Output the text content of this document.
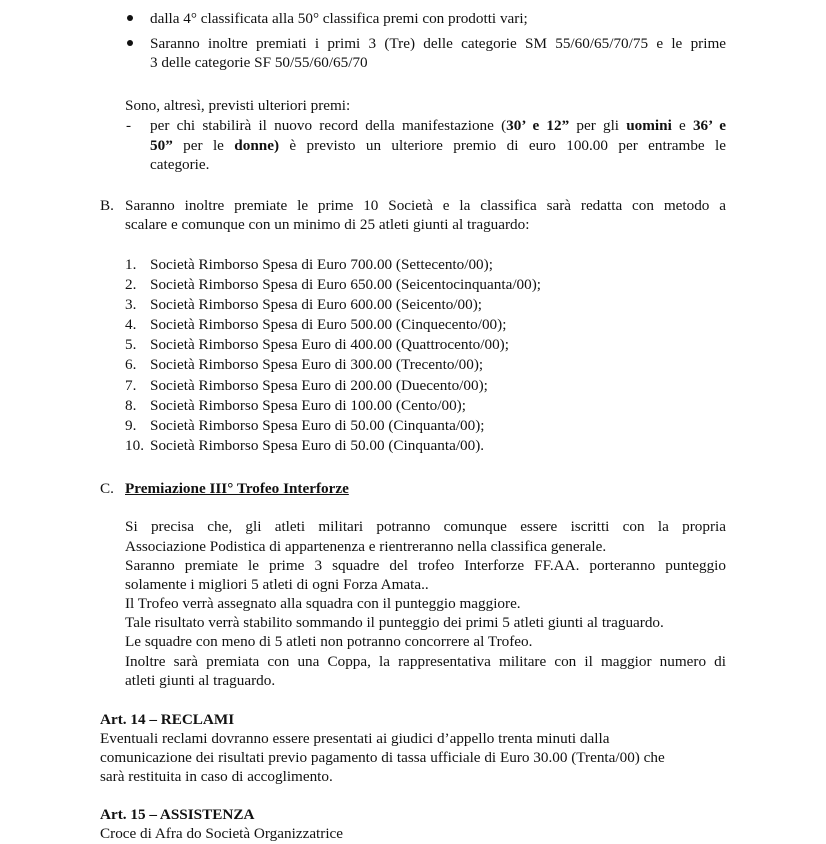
dalla 4° classificata alla 50° classifica premi con prodotti vari;
Saranno inoltre premiati i primi 3 (Tre) delle categorie SM 55/60/65/70/75 e le prime
3 delle categorie SF 50/55/60/65/70
Sono, altresì, previsti ulteriori premi:
- per chi stabilirà il nuovo record della manifestazione (30’ e 12” per gli uomini e 36’ e
50” per le donne) è previsto un ulteriore premio di euro 100.00 per entrambe le
categorie.
B. Saranno inoltre premiate le prime 10 Società e la classifica sarà redatta con metodo a
scalare e comunque con un minimo di 25 atleti giunti al traguardo:
1. Società Rimborso Spesa di Euro 700.00 (Settecento/00);
2. Società Rimborso Spesa di Euro 650.00 (Seicentocinquanta/00);
3. Società Rimborso Spesa di Euro 600.00 (Seicento/00);
4. Società Rimborso Spesa di Euro 500.00 (Cinquecento/00);
5. Società Rimborso Spesa Euro di 400.00 (Quattrocento/00);
6. Società Rimborso Spesa Euro di 300.00 (Trecento/00);
7. Società Rimborso Spesa Euro di 200.00 (Duecento/00);
8. Società Rimborso Spesa Euro di 100.00 (Cento/00);
9. Società Rimborso Spesa Euro di 50.00 (Cinquanta/00);
10. Società Rimborso Spesa Euro di 50.00 (Cinquanta/00).
C. Premiazione III° Trofeo Interforze
Si precisa che, gli atleti militari potranno comunque essere iscritti con la propria
Associazione Podistica di appartenenza e rientreranno nella classifica generale.
Saranno premiate le prime 3 squadre del trofeo Interforze FF.AA. porteranno punteggio
solamente i migliori 5 atleti di ogni Forza Amata..
Il Trofeo verrà assegnato alla squadra con il punteggio maggiore.
Tale risultato verrà stabilito sommando il punteggio dei primi 5 atleti giunti al traguardo.
Le squadre con meno di 5 atleti non potranno concorrere al Trofeo.
Inoltre sarà premiata con una Coppa, la rappresentativa militare con il maggior numero di
atleti giunti al traguardo.
Art. 14 – RECLAMI
Eventuali reclami dovranno essere presentati ai giudici d’appello trenta minuti dalla
comunicazione dei risultati previo pagamento di tassa ufficiale di Euro 30.00 (Trenta/00) che
sarà restituita in caso di accoglimento.
Art. 15 – ASSISTENZA
Croce di Afra do Società Organizzatrice
